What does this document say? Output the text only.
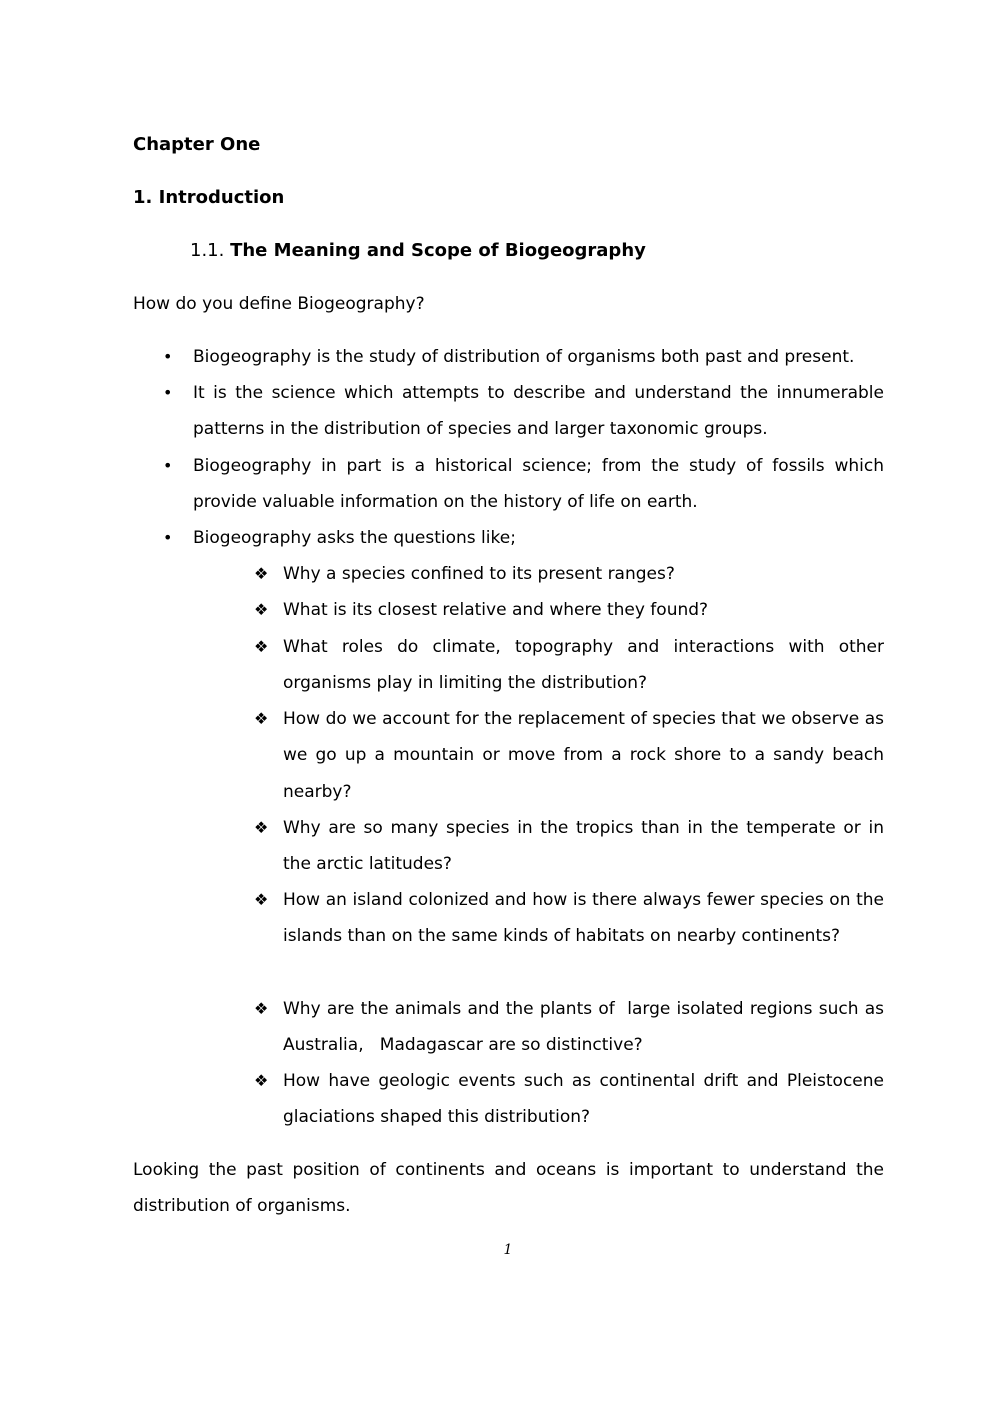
Chapter One
1. Introduction
1.1. The Meaning and Scope of Biogeography

How do you define Biogeography?

• Biogeography is the study of distribution of organisms both past and present.

• It is the science which attempts to describe and understand the innumerable patterns in the distribution of species and larger taxonomic groups.

• Biogeography in part is a historical science; from the study of fossils which provide valuable information on the history of life on earth.

• Biogeography asks the questions like;

❖ Why a species confined to its present ranges?

❖ What is its closest relative and where they found?

❖ What roles do climate, topography and interactions with other organisms play in limiting the distribution?

❖ How do we account for the replacement of species that we observe as we go up a mountain or move from a rock shore to a sandy beach nearby?

❖ Why are so many species in the tropics than in the temperate or in the arctic latitudes?

❖ How an island colonized and how is there always fewer species on the islands than on the same kinds of habitats on nearby continents?

❖ Why are the animals and the plants of  large isolated regions such as Australia,   Madagascar are so distinctive?

❖ How have geologic events such as continental drift and Pleistocene glaciations shaped this distribution?

Looking the past position of continents and oceans is important to understand the distribution of organisms.

1
